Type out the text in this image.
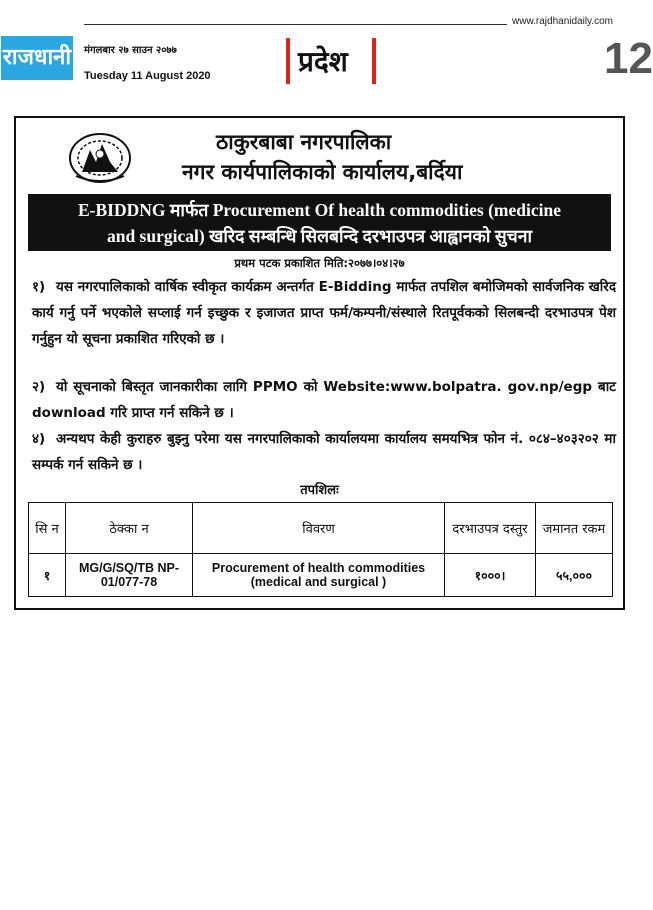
www.rajdhanidaily.com
राजधानी मंगलबार २७ साउन २०७७
Tuesday 11 August 2020	प्रदेश	12
ठाकुरबाबा नगरपालिका
नगर कार्यपालिकाको कार्यालय,बर्दिया
E-BIDDNG मार्फत Procurement Of health commodities (medicine
and surgical) खरिद सम्बन्धि सिलबन्दि दरभाउपत्र आह्वानको सुचना
प्रथम पटक प्रकाशित मिति:२०७७।०४।२७
१) यस नगरपालिकाको वार्षिक स्वीकृत कार्यक्रम अन्तर्गत E-Bidding मार्फत तपशिल बमोजिमको सार्वजनिक खरिद कार्य गर्नु पर्ने भएकोले सप्लाई गर्न इच्छुक र इजाजत प्राप्त फर्म/कम्पनी/संस्थाले रितपूर्वकको सिलबन्दी दरभाउपत्र पेश गर्नुहुन यो सूचना प्रकाशित गरिएको छ ।
२) यो सूचनाको बिस्तृत जानकारीका लागि PPMO को Website:www.bolpatra. gov.np/egp बाट download गरि प्राप्त गर्न सकिने छ ।
४) अन्यथप केही कुराहरु बुझ्नु परेमा यस नगरपालिकाको कार्यालयमा कार्यालय समयभित्र फोन नं. ०८४–४०३२०२ मा सम्पर्क गर्न सकिने छ ।
तपशिलः
सि न	ठेक्का न	विवरण	दरभाउपत्र दस्तुर	जमानत रकम
१	MG/G/SQ/TB NP-01/077-78	Procurement of health commodities (medical and surgical )	१०००।	५५,०००
